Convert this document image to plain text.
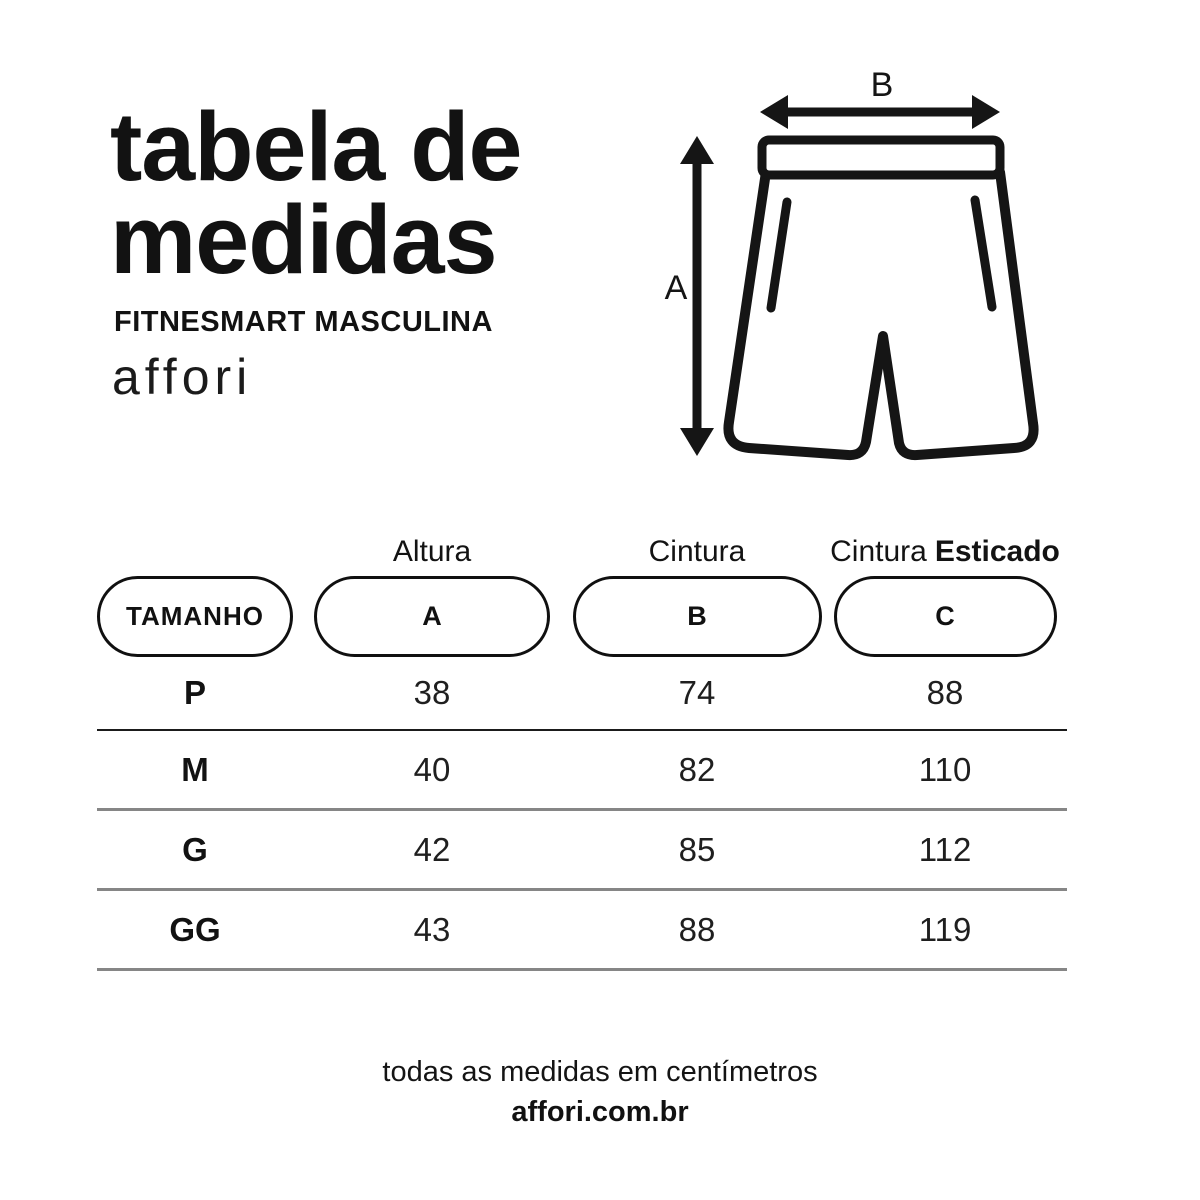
tabela de
medidas
FITNESMART MASCULINA
affori
B
A
Altura	Cintura	Cintura Esticado
TAMANHO	A	B	C
P	38	74	88
M	40	82	110
G	42	85	112
GG	43	88	119
todas as medidas em centímetros
affori.com.br
